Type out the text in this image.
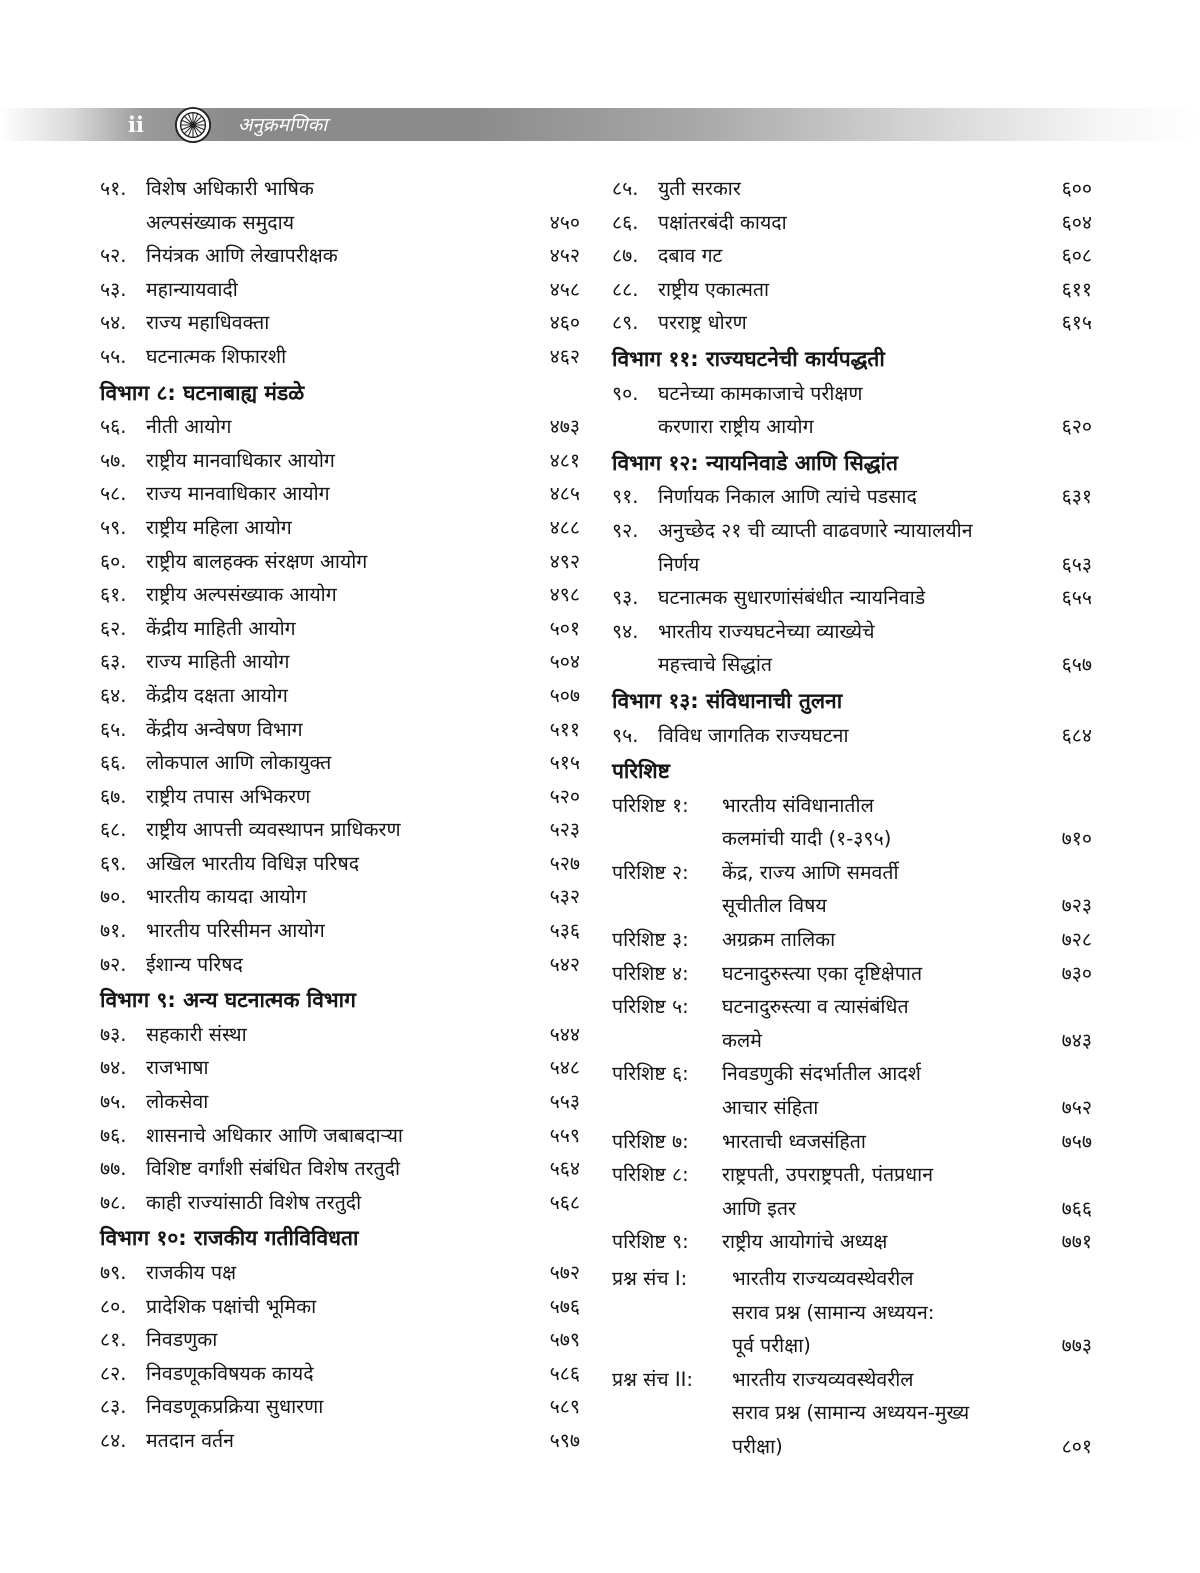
ii	अनुक्रमणिका
५१.	विशेष अधिकारी भाषिक
अल्पसंख्याक समुदाय	४५०
५२.	नियंत्रक आणि लेखापरीक्षक	४५२
५३.	महान्यायवादी	४५८
५४.	राज्य महाधिवक्ता	४६०
५५.	घटनात्मक शिफारशी	४६२
विभाग ८: घटनाबाह्य मंडळे
५६.	नीती आयोग	४७३
५७.	राष्ट्रीय मानवाधिकार आयोग	४८१
५८.	राज्य मानवाधिकार आयोग	४८५
५९.	राष्ट्रीय महिला आयोग	४८८
६०.	राष्ट्रीय बालहक्क संरक्षण आयोग	४९२
६१.	राष्ट्रीय अल्पसंख्याक आयोग	४९८
६२.	केंद्रीय माहिती आयोग	५०१
६३.	राज्य माहिती आयोग	५०४
६४.	केंद्रीय दक्षता आयोग	५०७
६५.	केंद्रीय अन्वेषण विभाग	५११
६६.	लोकपाल आणि लोकायुक्त	५१५
६७.	राष्ट्रीय तपास अभिकरण	५२०
६८.	राष्ट्रीय आपत्ती व्यवस्थापन प्राधिकरण	५२३
६९.	अखिल भारतीय विधिज्ञ परिषद	५२७
७०.	भारतीय कायदा आयोग	५३२
७१.	भारतीय परिसीमन आयोग	५३६
७२.	ईशान्य परिषद	५४२
विभाग ९: अन्य घटनात्मक विभाग
७३.	सहकारी संस्था	५४४
७४.	राजभाषा	५४८
७५.	लोकसेवा	५५३
७६.	शासनाचे अधिकार आणि जबाबदाऱ्या	५५९
७७.	विशिष्ट वर्गांशी संबंधित विशेष तरतुदी	५६४
७८.	काही राज्यांसाठी विशेष तरतुदी	५६८
विभाग १०: राजकीय गतीविविधता
७९.	राजकीय पक्ष	५७२
८०.	प्रादेशिक पक्षांची भूमिका	५७६
८१.	निवडणुका	५७९
८२.	निवडणूकविषयक कायदे	५८६
८३.	निवडणूकप्रक्रिया सुधारणा	५८९
८४.	मतदान वर्तन	५९७
८५.	युती सरकार	६००
८६.	पक्षांतरबंदी कायदा	६०४
८७.	दबाव गट	६०८
८८.	राष्ट्रीय एकात्मता	६११
८९.	परराष्ट्र धोरण	६१५
विभाग ११: राज्यघटनेची कार्यपद्धती
९०.	घटनेच्या कामकाजाचे परीक्षण
करणारा राष्ट्रीय आयोग	६२०
विभाग १२: न्यायनिवाडे आणि सिद्धांत
९१.	निर्णायक निकाल आणि त्यांचे पडसाद	६३१
९२.	अनुच्छेद २१ ची व्याप्ती वाढवणारे न्यायालयीन
निर्णय	६५३
९३.	घटनात्मक सुधारणांसंबंधीत न्यायनिवाडे	६५५
९४.	भारतीय राज्यघटनेच्या व्याख्येचे
महत्त्वाचे सिद्धांत	६५७
विभाग १३: संविधानाची तुलना
९५.	विविध जागतिक राज्यघटना	६८४
परिशिष्ट
परिशिष्ट १:	भारतीय संविधानातील
कलमांची यादी (१-३९५)	७१०
परिशिष्ट २:	केंद्र, राज्य आणि समवर्ती
सूचीतील विषय	७२३
परिशिष्ट ३:	अग्रक्रम तालिका	७२८
परिशिष्ट ४:	घटनादुरुस्त्या एका दृष्टिक्षेपात	७३०
परिशिष्ट ५:	घटनादुरुस्त्या व त्यासंबंधित
कलमे	७४३
परिशिष्ट ६:	निवडणुकी संदर्भातील आदर्श
आचार संहिता	७५२
परिशिष्ट ७:	भारताची ध्वजसंहिता	७५७
परिशिष्ट ८:	राष्ट्रपती, उपराष्ट्रपती, पंतप्रधान
आणि इतर	७६६
परिशिष्ट ९:	राष्ट्रीय आयोगांचे अध्यक्ष	७७१
प्रश्न संच I:	भारतीय राज्यव्यवस्थेवरील
सराव प्रश्न (सामान्य अध्ययन:
पूर्व परीक्षा)	७७३
प्रश्न संच II:	भारतीय राज्यव्यवस्थेवरील
सराव प्रश्न (सामान्य अध्ययन-मुख्य
परीक्षा)	८०१
